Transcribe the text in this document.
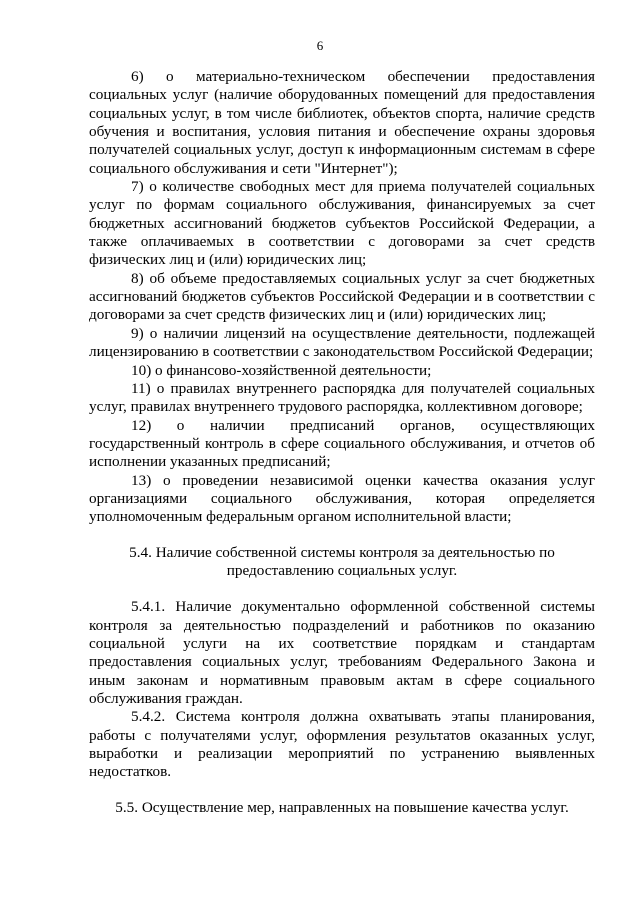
6

6) о материально-техническом обеспечении предоставления социальных услуг (наличие оборудованных помещений для предоставления социальных услуг, в том числе библиотек, объектов спорта, наличие средств обучения и воспитания, условия питания и обеспечение охраны здоровья получателей социальных услуг, доступ к информационным системам в сфере социального обслуживания и сети "Интернет");

7) о количестве свободных мест для приема получателей социальных услуг по формам социального обслуживания, финансируемых за счет бюджетных ассигнований бюджетов субъектов Российской Федерации, а также оплачиваемых в соответствии с договорами за счет средств физических лиц и (или) юридических лиц;

8) об объеме предоставляемых социальных услуг за счет бюджетных ассигнований бюджетов субъектов Российской Федерации и в соответствии с договорами за счет средств физических лиц и (или) юридических лиц;

9) о наличии лицензий на осуществление деятельности, подлежащей лицензированию в соответствии с законодательством Российской Федерации;

10) о финансово-хозяйственной деятельности;

11) о правилах внутреннего распорядка для получателей социальных услуг, правилах внутреннего трудового распорядка, коллективном договоре;

12) о наличии предписаний органов, осуществляющих государственный контроль в сфере социального обслуживания, и отчетов об исполнении указанных предписаний;

13) о проведении независимой оценки качества оказания услуг организациями социального обслуживания, которая определяется уполномоченным федеральным органом исполнительной власти;

5.4. Наличие собственной системы контроля за деятельностью по предоставлению социальных услуг.

5.4.1. Наличие документально оформленной собственной системы контроля за деятельностью подразделений и работников по оказанию социальной услуги на их соответствие порядкам и стандартам предоставления социальных услуг, требованиям Федерального Закона и иным законам и нормативным правовым актам в сфере социального обслуживания граждан.

5.4.2. Система контроля должна охватывать этапы планирования, работы с получателями услуг, оформления результатов оказанных услуг, выработки и реализации мероприятий по устранению выявленных недостатков.

5.5. Осуществление мер, направленных на повышение качества услуг.
